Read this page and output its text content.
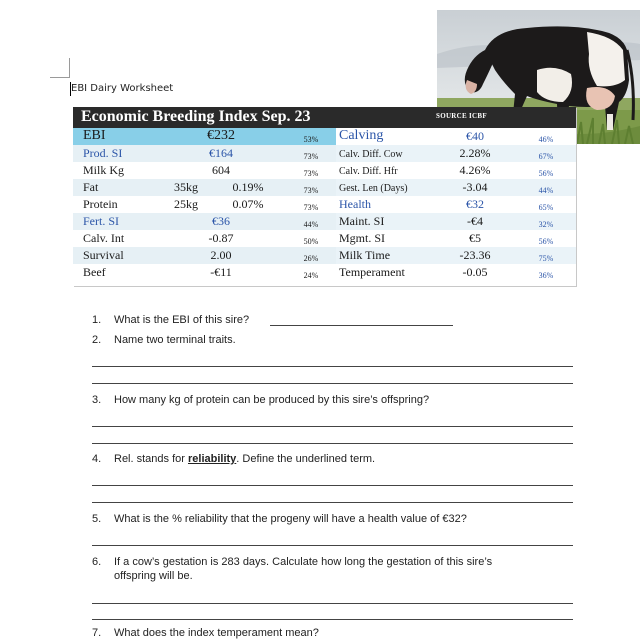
EBI Dairy Worksheet
Economic Breeding Index Sep. 23	SOURCE ICBF
EBI	€232	53% Calving	€40	46%
Prod. SI	€164	73% Calv. Diff. Cow	2.28%	67%
Milk Kg	604	73% Calv. Diff. Hfr	4.26%	56%
Fat	35kg	0.19%	73% Gest. Len (Days)	-3.04	44%
Protein	25kg	0.07%	73% Health	€32	65%
Fert. SI	€36	44% Maint. SI	-€4	32%
Calv. Int	-0.87	50% Mgmt. SI	€5	56%
Survival	2.00	26% Milk Time	-23.36	75%
Beef	-€11	24% Temperament	-0.05	36%
1. What is the EBI of this sire?
2. Name two terminal traits.
3. How many kg of protein can be produced by this sire’s offspring?
4. Rel. stands for reliability. Define the underlined term.
5. What is the % reliability that the progeny will have a health value of €32?
6. If a cow’s gestation is 283 days. Calculate how long the gestation of this sire’s
offspring will be.
7. What does the index temperament mean?
